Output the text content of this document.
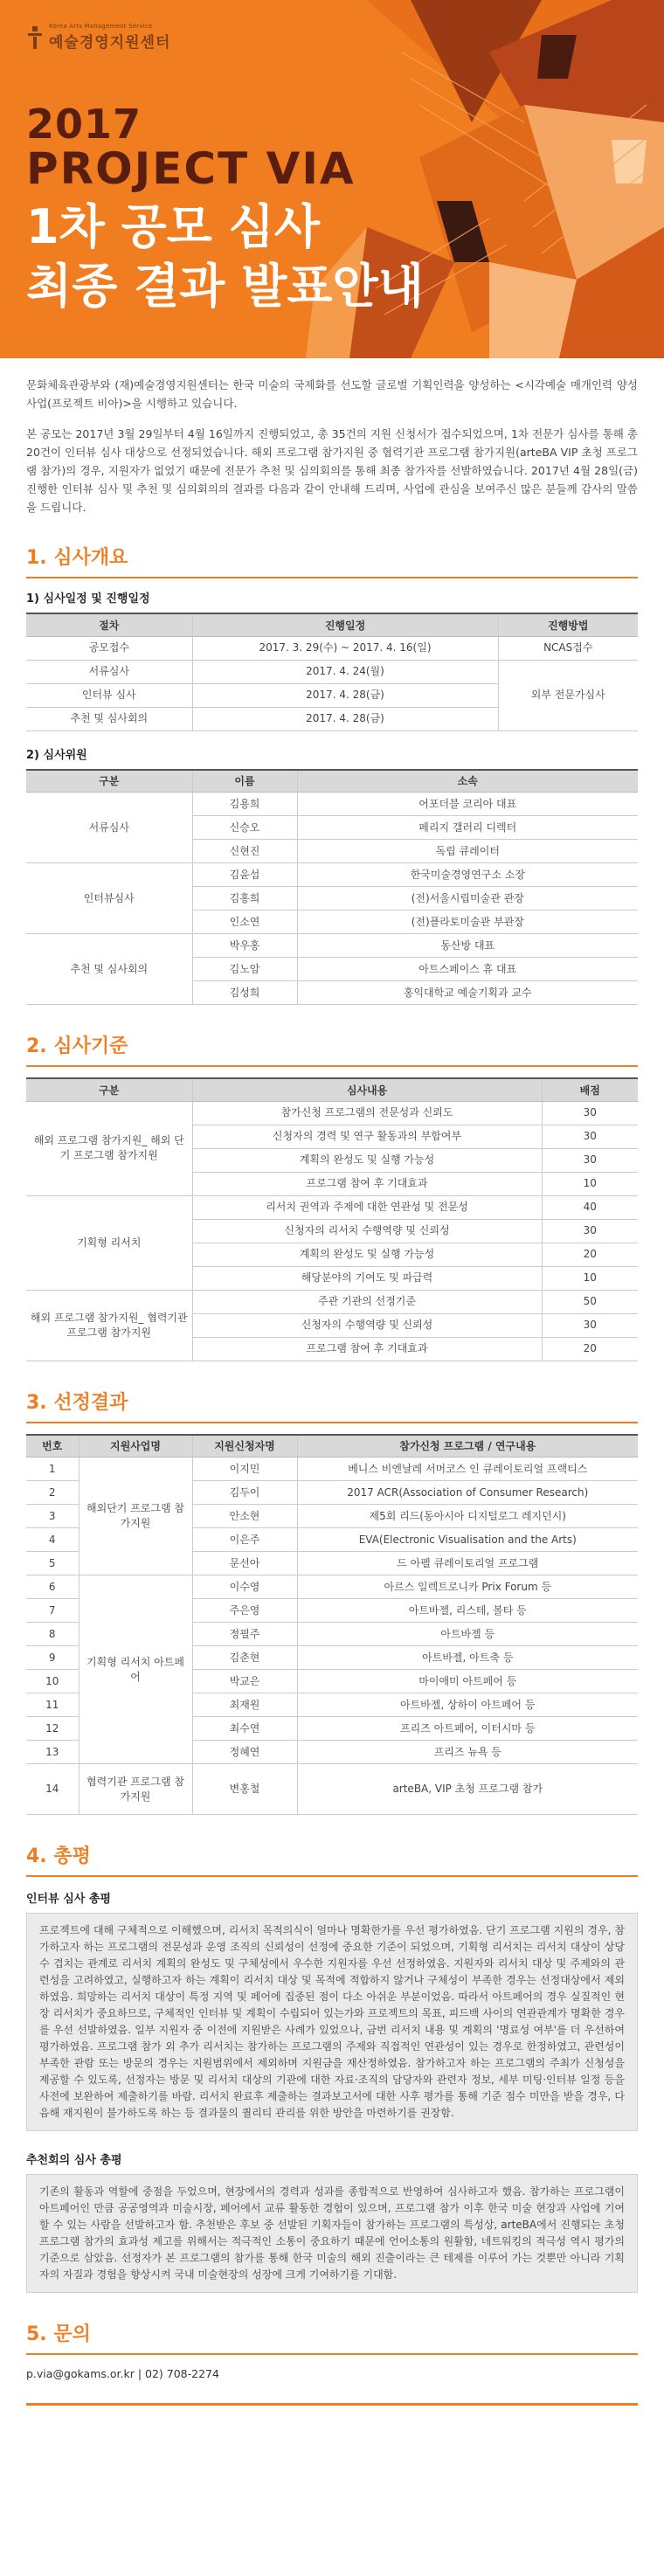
Korea Arts Management Service
예술경영지원센터
2017
PROJECT VIA
1차 공모 심사
최종 결과 발표안내

문화체육관광부와 (재)예술경영지원센터는 한국 미술의 국제화를 선도할 글로벌 기획인력을 양성하는 <시각예술 매개인력 양성사업(프로젝트 비아)>을 시행하고 있습니다.

본 공모는 2017년 3월 29일부터 4월 16일까지 진행되었고, 총 35건의 지원 신청서가 접수되었으며, 1차 전문가 심사를 통해 총 20건이 인터뷰 심사 대상으로 선정되었습니다. 해외 프로그램 참가지원 중 협력기관 프로그램 참가지원(arteBA VIP 초청 프로그램 참가)의 경우, 지원자가 없었기 때문에 전문가 추천 및 심의회의를 통해 최종 참가자를 선발하였습니다. 2017년 4월 28일(금) 진행한 인터뷰 심사 및 추천 및 심의회의의 결과를 다음과 같이 안내해 드리며, 사업에 관심을 보여주신 많은 분들께 감사의 말씀을 드립니다.

1. 심사개요
1) 심사일정 및 진행일정
절차	진행일정	진행방법
공모접수	2017. 3. 29(수) ~ 2017. 4. 16(일)	NCAS접수
서류심사	2017. 4. 24(월)	외부 전문가심사
인터뷰 심사	2017. 4. 28(금)	
추천 및 심사회의	2017. 4. 28(금)	
2) 심사위원
구분	이름	소속
서류심사	김용희	어포더블 코리아 대표
	신승오	페리지 갤러리 디렉터
	신현진	독립 큐레이터
인터뷰심사	김윤섭	한국미술경영연구소 소장
	김홍희	(전)서울시립미술관 관장
	인소연	(전)플라토미술관 부관장
추천 및 심사회의	박우홍	동산방 대표
	김노암	아트스페이스 휴 대표
	김성희	홍익대학교 예술기획과 교수
2. 심사기준
구분	심사내용	배점
해외 프로그램 참가지원_ 해외 단기 프로그램 참가지원	참가신청 프로그램의 전문성과 신뢰도	30
	신청자의 경력 및 연구 활동과의 부합여부	30
	계획의 완성도 및 실행 가능성	30
	프로그램 참여 후 기대효과	10
기획형 리서치	리서치 권역과 주제에 대한 연관성 및 전문성	40
	신청자의 리서치 수행역량 및 신뢰성	30
	계획의 완성도 및 실행 가능성	20
	해당분야의 기여도 및 파급력	10
해외 프로그램 참가지원_ 협력기관 프로그램 참가지원	주관 기관의 선정기준	50
	신청자의 수행역량 및 신뢰성	30
	프로그램 참여 후 기대효과	20
3. 선정결과
번호	지원사업명	지원신청자명	참가신청 프로그램 / 연구내용
1	해외단기 프로그램 참가지원	이지민	베니스 비엔날레 서머코스 인 큐레이토리얼 프랙티스
2		김두이	2017 ACR(Association of Consumer Research)
3		안소현	제5회 리드(동아시아 디지털로그 레지던시)
4		이은주	EVA(Electronic Visualisation and the Arts)
5		문선아	드 아펠 큐레이토리얼 프로그램
6	기획형 리서치 아트페어	이수영	아르스 일렉트로니카 Prix Forum 등
7		주은영	아트바젤, 리스테, 볼타 등
8		정필주	아트바젤 등
9		김춘현	아트바젤, 아트축 등
10		박교은	마이애미 아트페어 등
11		최재원	아트바젤, 상하이 아트페어 등
12		최수연	프리즈 아트페어, 이터시마 등
13		정혜연	프리즈 뉴욕 등
14	협력기관 프로그램 참가지원	변홍철	arteBA, VIP 초청 프로그램 참가
4. 총평
인터뷰 심사 총평

프로젝트에 대해 구체적으로 이해했으며, 리서치 목적의식이 얼마나 명확한가를 우선 평가하였음. 단기 프로그램 지원의 경우, 참가하고자 하는 프로그램의 전문성과 운영 조직의 신뢰성이 선정에 중요한 기준이 되었으며, 기획형 리서치는 리서치 대상이 상당수 겹치는 관계로 리서치 계획의 완성도 및 구체성에서 우수한 지원자를 우선 선정하였음. 지원자와 리서치 대상 및 주제와의 관련성을 고려하였고, 실행하고자 하는 계획이 리서치 대상 및 목적에 적합하지 않거나 구체성이 부족한 경우는 선정대상에서 제외하였음. 희망하는 리서치 대상이 특정 지역 및 페어에 집중된 점이 다소 아쉬운 부분이었음. 따라서 아트페어의 경우 실질적인 현장 리서치가 중요하므로, 구체적인 인터뷰 및 계획이 수립되어 있는가와 프로젝트의 목표, 피드백 사이의 연관관계가 명확한 경우를 우선 선발하였음. 일부 지원자 중 이전에 지원받은 사례가 있었으나, 금번 리서치 내용 및 계획의 '명료성 여부'를 더 우선하여 평가하였음. 프로그램 참가 외 추가 리서치는 참가하는 프로그램의 주제와 직접적인 연관성이 있는 경우로 한정하였고, 관련성이 부족한 관람 또는 방문의 경우는 지원범위에서 제외하며 지원금을 재산정하였음. 참가하고자 하는 프로그램의 주최가 신청성을 제공할 수 있도록, 선정자는 방문 및 리서치 대상의 기관에 대한 자료·조직의 담당자와 관련자 정보, 세부 미팅·인터뷰 일정 등을 사전에 보완하여 제출하기를 바람. 리서치 완료후 제출하는 결과보고서에 대한 사후 평가를 통해 기준 점수 미만을 받을 경우, 다음해 재지원이 불가하도록 하는 등 결과물의 퀄리티 관리를 위한 방안을 마련하기를 권장함.

추천회의 심사 총평

기존의 활동과 역할에 중점을 두었으며, 현장에서의 경력과 성과를 종합적으로 반영하여 심사하고자 했음. 참가하는 프로그램이 아트페어인 만큼 공공영역과 미술시장, 페어에서 교류 활동한 경험이 있으며, 프로그램 참가 이후 한국 미술 현장과 사업에 기여할 수 있는 사람을 선발하고자 함. 추천받은 후보 중 선발된 기획자들이 참가하는 프로그램의 특성상, arteBA에서 진행되는 초청 프로그램 참가의 효과성 제고를 위해서는 적극적인 소통이 중요하기 때문에 언어소통의 원활함, 네트워킹의 적극성 역시 평가의 기준으로 삼았음. 선정자가 본 프로그램의 참가를 통해 한국 미술의 해외 진출이라는 큰 테제를 이루어 가는 것뿐만 아니라 기획자의 자질과 경험을 향상시켜 국내 미술현장의 성장에 크게 기여하기를 기대함.

5. 문의
p.via@gokams.or.kr | 02) 708-2274
